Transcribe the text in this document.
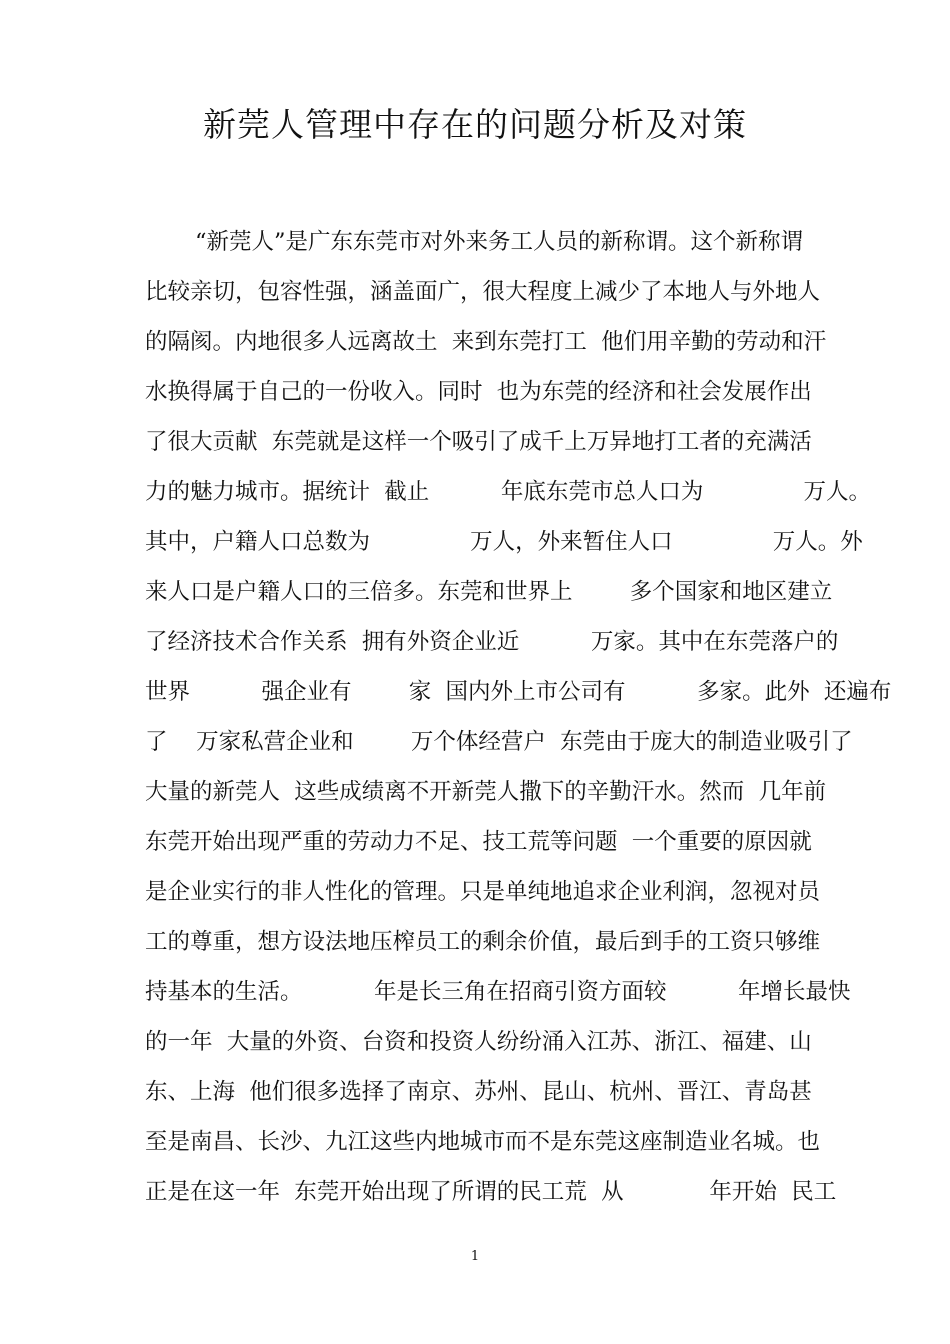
新莞人管理中存在的问题分析及对策
“新莞人”是广东东莞市对外来务工人员的新称谓。这个新称谓
比较亲切，包容性强，涵盖面广，很大程度上减少了本地人与外地人
的隔阂。内地很多人远离故土  来到东莞打工  他们用辛勤的劳动和汗
水换得属于自己的一份收入。同时  也为东莞的经济和社会发展作出
了很大贡献  东莞就是这样一个吸引了成千上万异地打工者的充满活
力的魅力城市。据统计  截止          年底东莞市总人口为              万人。
其中，户籍人口总数为              万人，外来暂住人口              万人。外
来人口是户籍人口的三倍多。东莞和世界上        多个国家和地区建立
了经济技术合作关系  拥有外资企业近          万家。其中在东莞落户的
世界          强企业有        家  国内外上市公司有          多家。此外  还遍布
了    万家私营企业和        万个体经营户  东莞由于庞大的制造业吸引了
大量的新莞人  这些成绩离不开新莞人撒下的辛勤汗水。然而  几年前
东莞开始出现严重的劳动力不足、技工荒等问题  一个重要的原因就
是企业实行的非人性化的管理。只是单纯地追求企业利润，忽视对员
工的尊重，想方设法地压榨员工的剩余价值，最后到手的工资只够维
持基本的生活。          年是长三角在招商引资方面较          年增长最快
的一年  大量的外资、台资和投资人纷纷涌入江苏、浙江、福建、山
东、上海  他们很多选择了南京、苏州、昆山、杭州、晋江、青岛甚
至是南昌、长沙、九江这些内地城市而不是东莞这座制造业名城。也
正是在这一年  东莞开始出现了所谓的民工荒  从            年开始  民工
1
